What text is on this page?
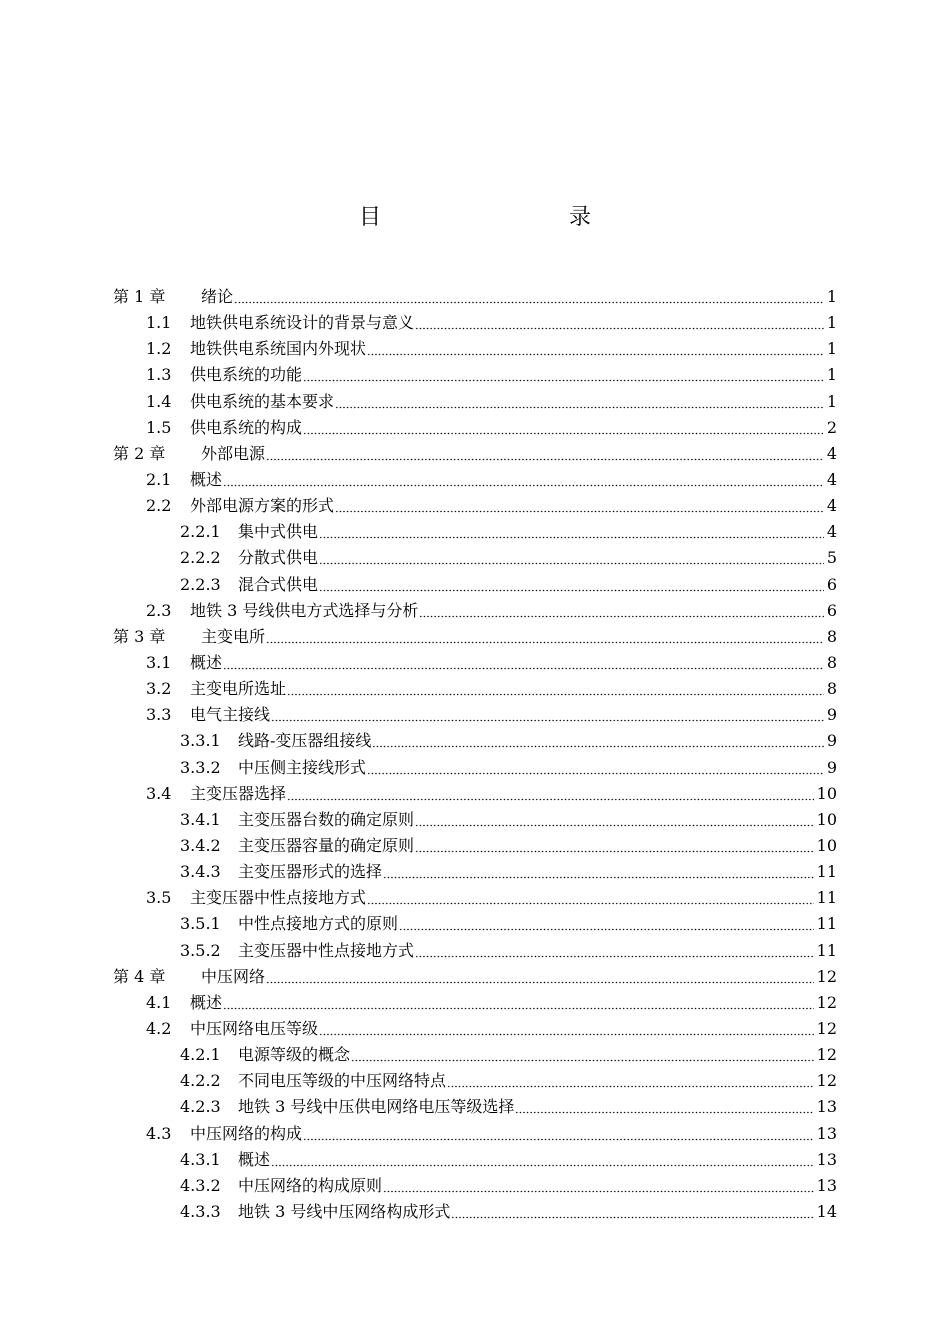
目　　录
第 1 章	绪论	1
1.1	地铁供电系统设计的背景与意义	1
1.2	地铁供电系统国内外现状	1
1.3	供电系统的功能	1
1.4	供电系统的基本要求	1
1.5	供电系统的构成	2
第 2 章	外部电源	4
2.1	概述	4
2.2	外部电源方案的形式	4
2.2.1	集中式供电	4
2.2.2	分散式供电	5
2.2.3	混合式供电	6
2.3	地铁 3 号线供电方式选择与分析	6
第 3 章	主变电所	8
3.1	概述	8
3.2	主变电所选址	8
3.3	电气主接线	9
3.3.1	线路-变压器组接线	9
3.3.2	中压侧主接线形式	9
3.4	主变压器选择	10
3.4.1	主变压器台数的确定原则	10
3.4.2	主变压器容量的确定原则	10
3.4.3	主变压器形式的选择	11
3.5	主变压器中性点接地方式	11
3.5.1	中性点接地方式的原则	11
3.5.2	主变压器中性点接地方式	11
第 4 章	中压网络	12
4.1	概述	12
4.2	中压网络电压等级	12
4.2.1	电源等级的概念	12
4.2.2	不同电压等级的中压网络特点	12
4.2.3	地铁 3 号线中压供电网络电压等级选择	13
4.3	中压网络的构成	13
4.3.1	概述	13
4.3.2	中压网络的构成原则	13
4.3.3	地铁 3 号线中压网络构成形式	14
